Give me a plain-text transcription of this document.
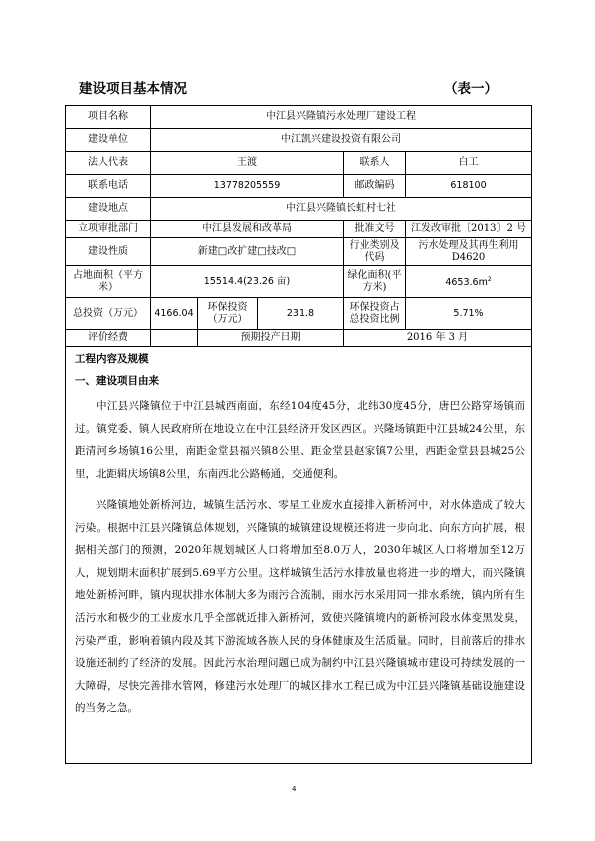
建设项目基本情况	（表一）
项目名称	中江县兴隆镇污水处理厂建设工程				
建设单位	中江凯兴建设投资有限公司				
法人代表	王渡			联系人	白工
联系电话	13778205559			邮政编码	618100
建设地点	中江县兴隆镇长虹村七社				
立项审批部门	中江县发展和改革局			批准文号	江发改审批〔2013〕2 号
建设性质	新建□改扩建□技改□			行业类别及代码	污水处理及其再生利用 D4620
占地面积（平方米）	15514.4(23.26 亩)			绿化面积(平方米)	$4653.6m^2$
总投资（万元）	4166.04	环保投资（万元）	231.8	环保投资占总投资比例	5.71%
评价经费		预期投产日期		2016 年 3 月	

工程内容及规模
一、建设项目由来

中江县兴隆镇位于中江县城西南面，东经104度45分，北纬30度45分，唐巴公路穿场镇而过。镇党委、镇人民政府所在地设立在中江县经济开发区西区。兴隆场镇距中江县城24公里，东距清河乡场镇16公里，南距金堂县福兴镇8公里、距金堂县赵家镇7公里，西距金堂县县城25公里，北距辑庆场镇8公里，东南西北公路畅通，交通便利。

兴隆镇地处新桥河边，城镇生活污水、零星工业废水直接排入新桥河中，对水体造成了较大污染。根据中江县兴隆镇总体规划，兴隆镇的城镇建设规模还将进一步向北、向东方向扩展，根据相关部门的预测，2020年规划城区人口将增加至8.0万人，2030年城区人口将增加至12万人，规划期末面积扩展到5.69平方公里。这样城镇生活污水排放量也将进一步的增大，而兴隆镇地处新桥河畔，镇内现状排水体制大多为雨污合流制，雨水污水采用同一排水系统，镇内所有生活污水和极少的工业废水几乎全部就近排入新桥河，致使兴隆镇境内的新桥河段水体变黑发臭，污染严重，影响着镇内段及其下游流域各族人民的身体健康及生活质量。同时，目前落后的排水设施还制约了经济的发展。因此污水治理问题已成为制约中江县兴隆镇城市建设可持续发展的一大障碍，尽快完善排水管网，修建污水处理厂的城区排水工程已成为中江县兴隆镇基础设施建设的当务之急。					

4
